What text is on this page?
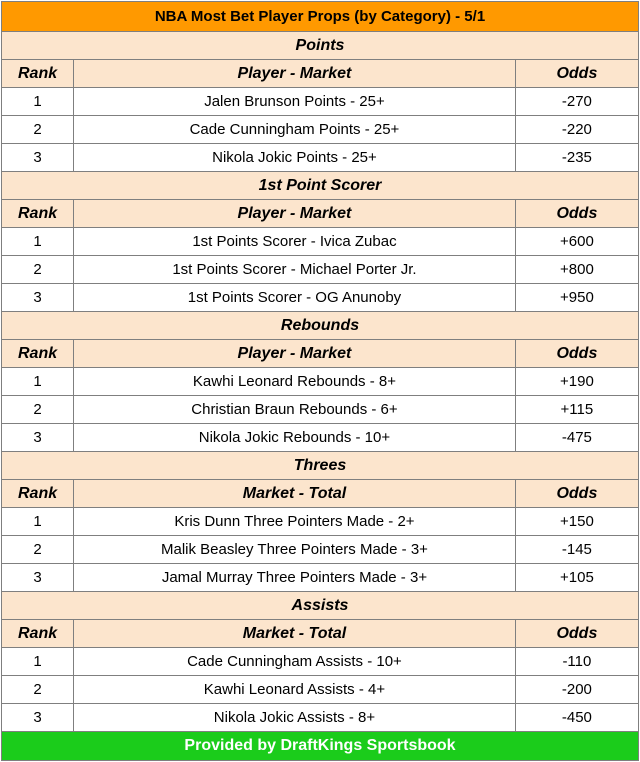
NBA Most Bet Player Props (by Category) - 5/1		
Points		
Rank	Player - Market	Odds
1	Jalen Brunson Points - 25+	-270
2	Cade Cunningham Points - 25+	-220
3	Nikola Jokic Points - 25+	-235
1st Point Scorer		
Rank	Player - Market	Odds
1	1st Points Scorer - Ivica Zubac	+600
2	1st Points Scorer - Michael Porter Jr.	+800
3	1st Points Scorer - OG Anunoby	+950
Rebounds		
Rank	Player - Market	Odds
1	Kawhi Leonard Rebounds - 8+	+190
2	Christian Braun Rebounds - 6+	+115
3	Nikola Jokic Rebounds - 10+	-475
Threes		
Rank	Market - Total	Odds
1	Kris Dunn Three Pointers Made - 2+	+150
2	Malik Beasley Three Pointers Made - 3+	-145
3	Jamal Murray Three Pointers Made - 3+	+105
Assists		
Rank	Market - Total	Odds
1	Cade Cunningham Assists - 10+	-110
2	Kawhi Leonard Assists - 4+	-200
3	Nikola Jokic Assists - 8+	-450
Provided by DraftKings Sportsbook		
